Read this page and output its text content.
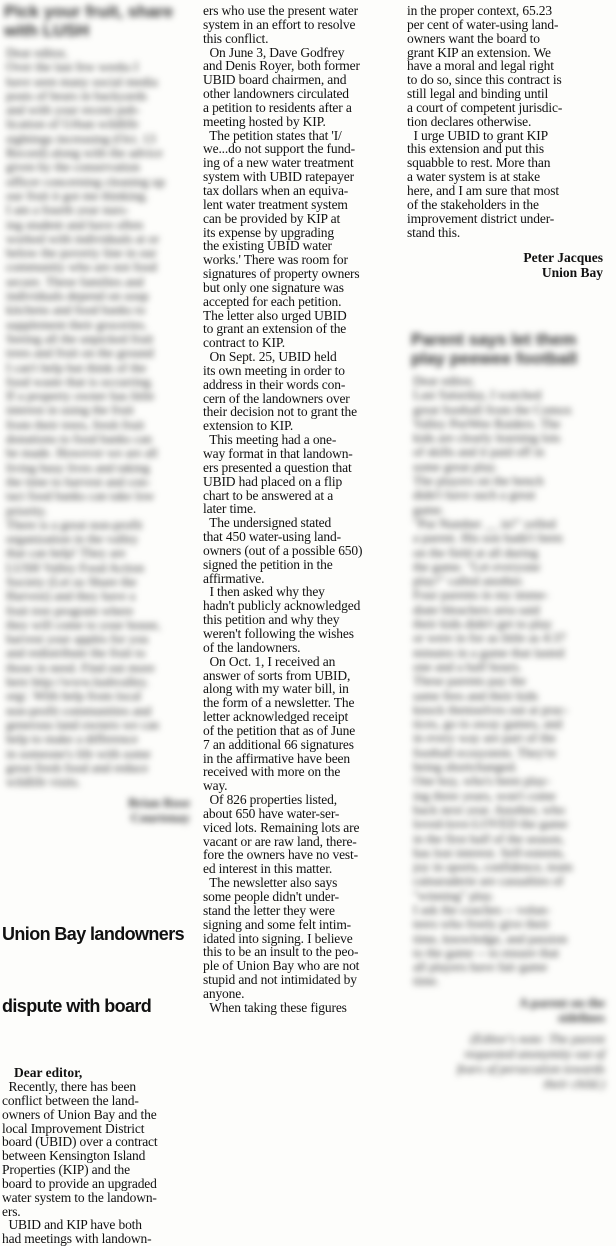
Pick your fruit, share
with LUSH
Dear editor,
Over the last few weeks I
have seen many social media
posts of bears in backyards
and with your recent pub-
lication of Urban wildlife
sightings increasing (Oct. 13
Record) along with the advice
given by the conservation
officer concerning cleaning up
our fruit it got me thinking.
I am a fourth year nurs-
ing student and have often
worked with individuals at or
below the poverty line in our
community who are not food
secure. These families and
individuals depend on soup
kitchens and food banks to
supplement their groceries.
Seeing all the unpicked fruit
trees and fruit on the ground
I can't help but think of the
food waste that is occurring.
If a property owner has little
interest in using the fruit
from their trees, fresh fruit
donations to food banks can
be made. However we are all
living busy lives and taking
the time to harvest and con-
tact food banks can take low
priority.
There is a great non-profit
organization in the valley
that can help! They are
LUSH Valley Food Action
Society (Let us Share the
Harvest) and they have a
fruit tree program where
they will come to your house,
harvest your apples for you
and redistribute the fruit to
those in need. Find out more
here http://www.lushvalley.
org/. With help from local
non-profit communities and
generous land owners we can
help to make a difference
in someone's life with some
great fresh food and reduce
wildlife visits.
Brian Rose
Courtenay

Union Bay landowners

dispute with board

Dear editor,

Recently, there has been

conflict between the land-

owners of Union Bay and the

local Improvement District

board (UBID) over a contract

between Kensington Island

Properties (KIP) and the

board to provide an upgraded

water system to the landown-

ers.

UBID and KIP have both

had meetings with landown-

ers who use the present water

system in an effort to resolve

this conflict.

On June 3, Dave Godfrey

and Denis Royer, both former

UBID board chairmen, and

other landowners circulated

a petition to residents after a

meeting hosted by KIP.

The petition states that 'I/

we...do not support the fund-

ing of a new water treatment

system with UBID ratepayer

tax dollars when an equiva-

lent water treatment system

can be provided by KIP at

its expense by upgrading

the existing UBID water

works.' There was room for

signatures of property owners

but only one signature was

accepted for each petition.

The letter also urged UBID

to grant an extension of the

contract to KIP.

On Sept. 25, UBID held

its own meeting in order to

address in their words con-

cern of the landowners over

their decision not to grant the

extension to KIP.

This meeting had a one-

way format in that landown-

ers presented a question that

UBID had placed on a flip

chart to be answered at a

later time.

The undersigned stated

that 450 water-using land-

owners (out of a possible 650)

signed the petition in the

affirmative.

I then asked why they

hadn't publicly acknowledged

this petition and why they

weren't following the wishes

of the landowners.

On Oct. 1, I received an

answer of sorts from UBID,

along with my water bill, in

the form of a newsletter. The

letter acknowledged receipt

of the petition that as of June

7 an additional 66 signatures

in the affirmative have been

received with more on the

way.

Of 826 properties listed,

about 650 have water-ser-

viced lots. Remaining lots are

vacant or are raw land, there-

fore the owners have no vest-

ed interest in this matter.

The newsletter also says

some people didn't under-

stand the letter they were

signing and some felt intim-

idated into signing. I believe

this to be an insult to the peo-

ple of Union Bay who are not

stupid and not intimidated by

anyone.

When taking these figures

in the proper context, 65.23

per cent of water-using land-

owners want the board to

grant KIP an extension. We

have a moral and legal right

to do so, since this contract is

still legal and binding until

a court of competent jurisdic-

tion declares otherwise.

I urge UBID to grant KIP

this extension and put this

squabble to rest. More than

a water system is at stake

here, and I am sure that most

of the stakeholders in the

improvement district under-

stand this.

Peter Jacques
Union Bay
Parent says let them
play peewee football
Dear editor,
Last Saturday, I watched
great football from the Comox
Valley PeeWee Raiders. The
kids are clearly learning lots
of skills and it paid off in
some great play.
The players on the bench
didn't have such a great
game.
"Put Number __ in!" yelled
a parent. His son hadn't been
on the field at all during
the game. "Let everyone
play!" called another.
Four parents in my imme-
diate bleachers area said
their kids didn't get to play
or were in for as little as 4:37
minutes in a game that lasted
one and a half hours.
These parents pay the
same fees and their kids
knock themselves out at prac-
tices, go to away games, and
in every way are part of the
football ecosystem. They're
being shortchanged.
One boy, who's been play-
ing three years, won't come
back next year. Another, who
loved-love-LOVED the game
in the first half of the season,
has lost interest. Self-esteem,
joy in sports, confidence, team
camaraderie are casualties of
"winning" play.
I ask the coaches -- volun-
teers who freely give their
time, knowledge, and passion
to the game -- to ensure that
all players have fair game
time.
A parent on the
sidelines
(Editor's note: The parent
requested anonymity out of
fears of persecution towards
their child.)
